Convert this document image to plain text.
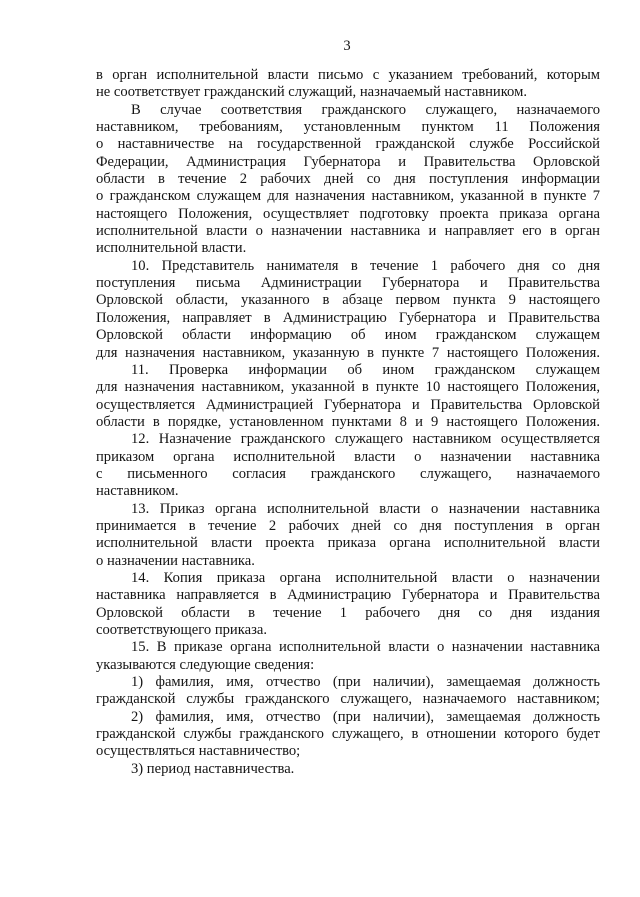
3
в орган исполнительной власти письмо с указанием требований, которым
не соответствует гражданский служащий, назначаемый наставником.
В случае соответствия гражданского служащего, назначаемого
наставником, требованиям, установленным пунктом 11 Положения
о наставничестве на государственной гражданской службе Российской
Федерации, Администрация Губернатора и Правительства Орловской
области в течение 2 рабочих дней со дня поступления информации
о гражданском служащем для назначения наставником, указанной в пункте 7
настоящего Положения, осуществляет подготовку проекта приказа органа
исполнительной власти о назначении наставника и направляет его в орган
исполнительной власти.
10. Представитель нанимателя в течение 1 рабочего дня со дня
поступления письма Администрации Губернатора и Правительства
Орловской области, указанного в абзаце первом пункта 9 настоящего
Положения, направляет в Администрацию Губернатора и Правительства
Орловской области информацию об ином гражданском служащем
для назначения наставником, указанную в пункте 7 настоящего Положения.
11. Проверка информации об ином гражданском служащем
для назначения наставником, указанной в пункте 10 настоящего Положения,
осуществляется Администрацией Губернатора и Правительства Орловской
области в порядке, установленном пунктами 8 и 9 настоящего Положения.
12. Назначение гражданского служащего наставником осуществляется
приказом органа исполнительной власти о назначении наставника
с письменного согласия гражданского служащего, назначаемого
наставником.
13. Приказ органа исполнительной власти о назначении наставника
принимается в течение 2 рабочих дней со дня поступления в орган
исполнительной власти проекта приказа органа исполнительной власти
о назначении наставника.
14. Копия приказа органа исполнительной власти о назначении
наставника направляется в Администрацию Губернатора и Правительства
Орловской области в течение 1 рабочего дня со дня издания
соответствующего приказа.
15. В приказе органа исполнительной власти о назначении наставника
указываются следующие сведения:
1) фамилия, имя, отчество (при наличии), замещаемая должность
гражданской службы гражданского служащего, назначаемого наставником;
2) фамилия, имя, отчество (при наличии), замещаемая должность
гражданской службы гражданского служащего, в отношении которого будет
осуществляться наставничество;
3) период наставничества.
